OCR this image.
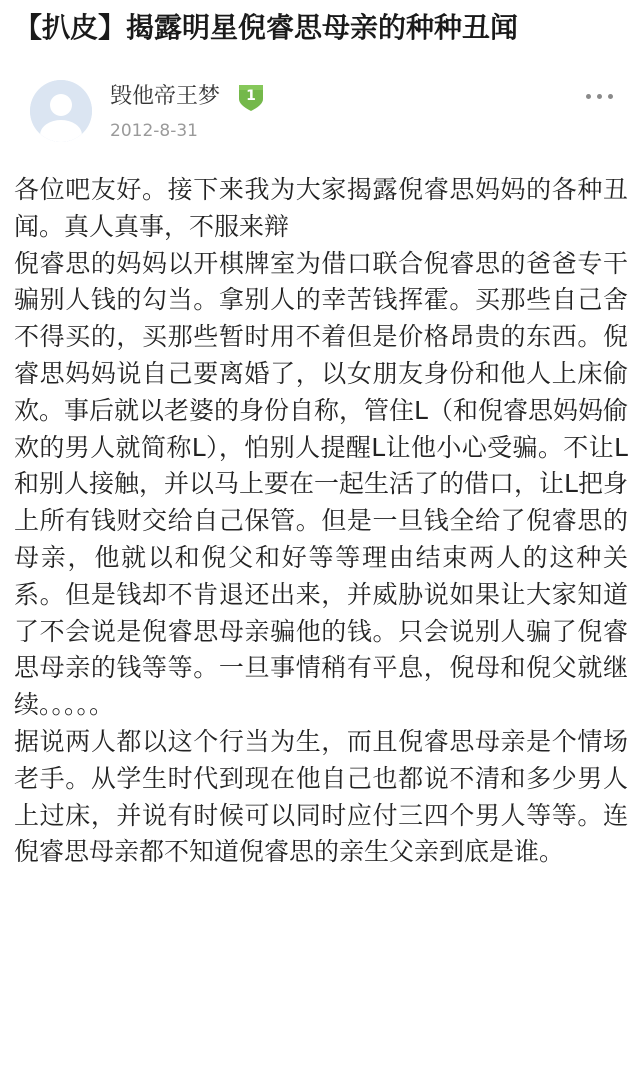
【扒皮】揭露明星倪睿思母亲的种种丑闻
毁他帝王梦	1
2012-8-31

各位吧友好。接下来我为大家揭露倪睿思妈妈的各种丑闻。真人真事，不服来辩

倪睿思的妈妈以开棋牌室为借口联合倪睿思的爸爸专干骗别人钱的勾当。拿别人的幸苦钱挥霍。买那些自己舍不得买的，买那些暂时用不着但是价格昂贵的东西。倪睿思妈妈说自己要离婚了，以女朋友身份和他人上床偷欢。事后就以老婆的身份自称，管住L（和倪睿思妈妈偷欢的男人就简称L），怕别人提醒L让他小心受骗。不让L和别人接触，并以马上要在一起生活了的借口，让L把身上所有钱财交给自己保管。但是一旦钱全给了倪睿思的母亲，他就以和倪父和好等等理由结束两人的这种关系。但是钱却不肯退还出来，并威胁说如果让大家知道了不会说是倪睿思母亲骗他的钱。只会说别人骗了倪睿思母亲的钱等等。一旦事情稍有平息，倪母和倪父就继续。。。。。

据说两人都以这个行当为生，而且倪睿思母亲是个情场老手。从学生时代到现在他自己也都说不清和多少男人上过床，并说有时候可以同时应付三四个男人等等。连倪睿思母亲都不知道倪睿思的亲生父亲到底是谁。
